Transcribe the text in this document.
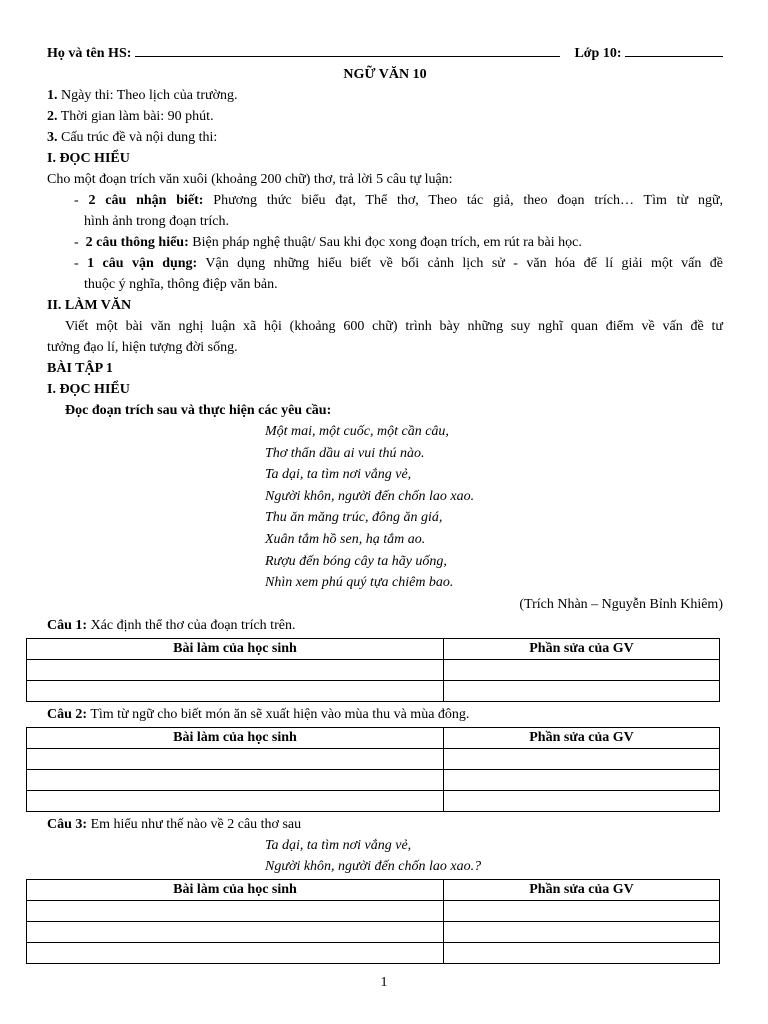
Họ và tên HS:	Lớp 10:
NGỮ VĂN 10
1. Ngày thi: Theo lịch của trường.
2. Thời gian làm bài: 90 phút.
3. Cấu trúc đề và nội dung thi:
I. ĐỌC HIỂU
Cho một đoạn trích văn xuôi (khoảng 200 chữ) thơ, trả lời 5 câu tự luận:
- 2 câu nhận biết: Phương thức biểu đạt, Thể thơ, Theo tác giả, theo đoạn trích… Tìm từ ngữ,
hình ảnh trong đoạn trích.
- 2 câu thông hiểu: Biện pháp nghệ thuật/ Sau khi đọc xong đoạn trích, em rút ra bài học.
- 1 câu vận dụng: Vận dụng những hiểu biết về bối cảnh lịch sử - văn hóa để lí giải một vấn đề
thuộc ý nghĩa, thông điệp văn bản.
II. LÀM VĂN
Viết một bài văn nghị luận xã hội (khoảng 600 chữ) trình bày những suy nghĩ quan điểm về vấn đề tư
tưởng đạo lí, hiện tượng đời sống.
BÀI TẬP 1
I. ĐỌC HIỂU
Đọc đoạn trích sau và thực hiện các yêu cầu:
Một mai, một cuốc, một cần câu,
Thơ thẩn dầu ai vui thú nào.
Ta dại, ta tìm nơi vắng vẻ,
Người khôn, người đến chốn lao xao.
Thu ăn măng trúc, đông ăn giá,
Xuân tắm hồ sen, hạ tắm ao.
Rượu đến bóng cây ta hãy uống,
Nhìn xem phú quý tựa chiêm bao.
(Trích Nhàn – Nguyễn Bỉnh Khiêm)
Câu 1: Xác định thể thơ của đoạn trích trên.
Bài làm của học sinh	Phần sửa của GV

Câu 2: Tìm từ ngữ cho biết món ăn sẽ xuất hiện vào mùa thu và mùa đông.
Bài làm của học sinh	Phần sửa của GV

Câu 3: Em hiểu như thế nào về 2 câu thơ sau
Ta dại, ta tìm nơi vắng vẻ,
Người khôn, người đến chốn lao xao.?
Bài làm của học sinh	Phần sửa của GV

1
